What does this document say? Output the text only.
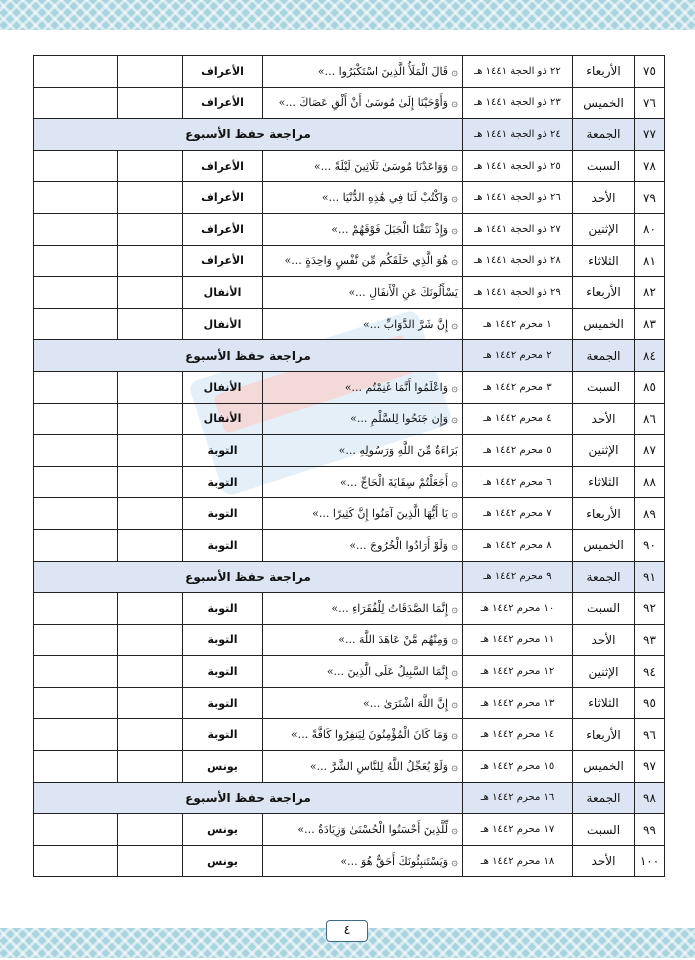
٧٥	الأربعاء	٢٢ ذو الحجة ١٤٤١ هـ	۞ قَالَ الْمَلَأُ الَّذِينَ اسْتَكْبَرُوا ...»	الأعراف		
٧٦	الخميس	٢٣ ذو الحجة ١٤٤١ هـ	۞ وَأَوْحَيْنَا إِلَىٰ مُوسَىٰ أَنْ أَلْقِ عَصَاكَ ...»	الأعراف		
٧٧	الجمعة	٢٤ ذو الحجة ١٤٤١ هـ	مراجعة حفظ الأسبوع			
٧٨	السبت	٢٥ ذو الحجة ١٤٤١ هـ	۞ وَوَاعَدْنَا مُوسَىٰ ثَلَاثِينَ لَيْلَةً ...»	الأعراف		
٧٩	الأحد	٢٦ ذو الحجة ١٤٤١ هـ	۞ وَاكْتُبْ لَنَا فِي هَٰذِهِ الدُّنْيَا ...»	الأعراف		
٨٠	الإثنين	٢٧ ذو الحجة ١٤٤١ هـ	۞ وَإِذْ نَتَقْنَا الْجَبَلَ فَوْقَهُمْ ...»	الأعراف		
٨١	الثلاثاء	٢٨ ذو الحجة ١٤٤١ هـ	۞ هُوَ الَّذِي خَلَقَكُم مِّن نَّفْسٍ وَاحِدَةٍ ...»	الأعراف		
٨٢	الأربعاء	٢٩ ذو الحجة ١٤٤١ هـ	يَسْأَلُونَكَ عَنِ الْأَنفَالِ ...»	الأنفال		
٨٣	الخميس	١ محرم ١٤٤٢ هـ	۞ إِنَّ شَرَّ الدَّوَابِّ ...»	الأنفال		
٨٤	الجمعة	٢ محرم ١٤٤٢ هـ	مراجعة حفظ الأسبوع			
٨٥	السبت	٣ محرم ١٤٤٢ هـ	۞ وَاعْلَمُوا أَنَّمَا غَنِمْتُم ...»	الأنفال		
٨٦	الأحد	٤ محرم ١٤٤٢ هـ	۞ وَإِن جَنَحُوا لِلسَّلْمِ ...»	الأنفال		
٨٧	الإثنين	٥ محرم ١٤٤٢ هـ	بَرَاءَةٌ مِّنَ اللَّهِ وَرَسُولِهِ ...»	التوبة		
٨٨	الثلاثاء	٦ محرم ١٤٤٢ هـ	۞ أَجَعَلْتُمْ سِقَايَةَ الْحَاجِّ ...»	التوبة		
٨٩	الأربعاء	٧ محرم ١٤٤٢ هـ	۞ يَا أَيُّهَا الَّذِينَ آمَنُوا إِنَّ كَثِيرًا ...»	التوبة		
٩٠	الخميس	٨ محرم ١٤٤٢ هـ	۞ وَلَوْ أَرَادُوا الْخُرُوجَ ...»	التوبة		
٩١	الجمعة	٩ محرم ١٤٤٢ هـ	مراجعة حفظ الأسبوع			
٩٢	السبت	١٠ محرم ١٤٤٢ هـ	۞ إِنَّمَا الصَّدَقَاتُ لِلْفُقَرَاءِ ...»	التوبة		
٩٣	الأحد	١١ محرم ١٤٤٢ هـ	۞ وَمِنْهُم مَّنْ عَاهَدَ اللَّهَ ...»	التوبة		
٩٤	الإثنين	١٢ محرم ١٤٤٢ هـ	۞ إِنَّمَا السَّبِيلُ عَلَى الَّذِينَ ...»	التوبة		
٩٥	الثلاثاء	١٣ محرم ١٤٤٢ هـ	۞ إِنَّ اللَّهَ اشْتَرَىٰ ...»	التوبة		
٩٦	الأربعاء	١٤ محرم ١٤٤٢ هـ	۞ وَمَا كَانَ الْمُؤْمِنُونَ لِيَنفِرُوا كَافَّةً ...»	التوبة		
٩٧	الخميس	١٥ محرم ١٤٤٢ هـ	۞ وَلَوْ يُعَجِّلُ اللَّهُ لِلنَّاسِ الشَّرَّ ...»	يونس		
٩٨	الجمعة	١٦ محرم ١٤٤٢ هـ	مراجعة حفظ الأسبوع			
٩٩	السبت	١٧ محرم ١٤٤٢ هـ	۞ لِّلَّذِينَ أَحْسَنُوا الْحُسْنَىٰ وَزِيَادَةٌ ...»	يونس		
١٠٠	الأحد	١٨ محرم ١٤٤٢ هـ	۞ وَيَسْتَنبِئُونَكَ أَحَقٌّ هُوَ ...»	يونس		
٤
